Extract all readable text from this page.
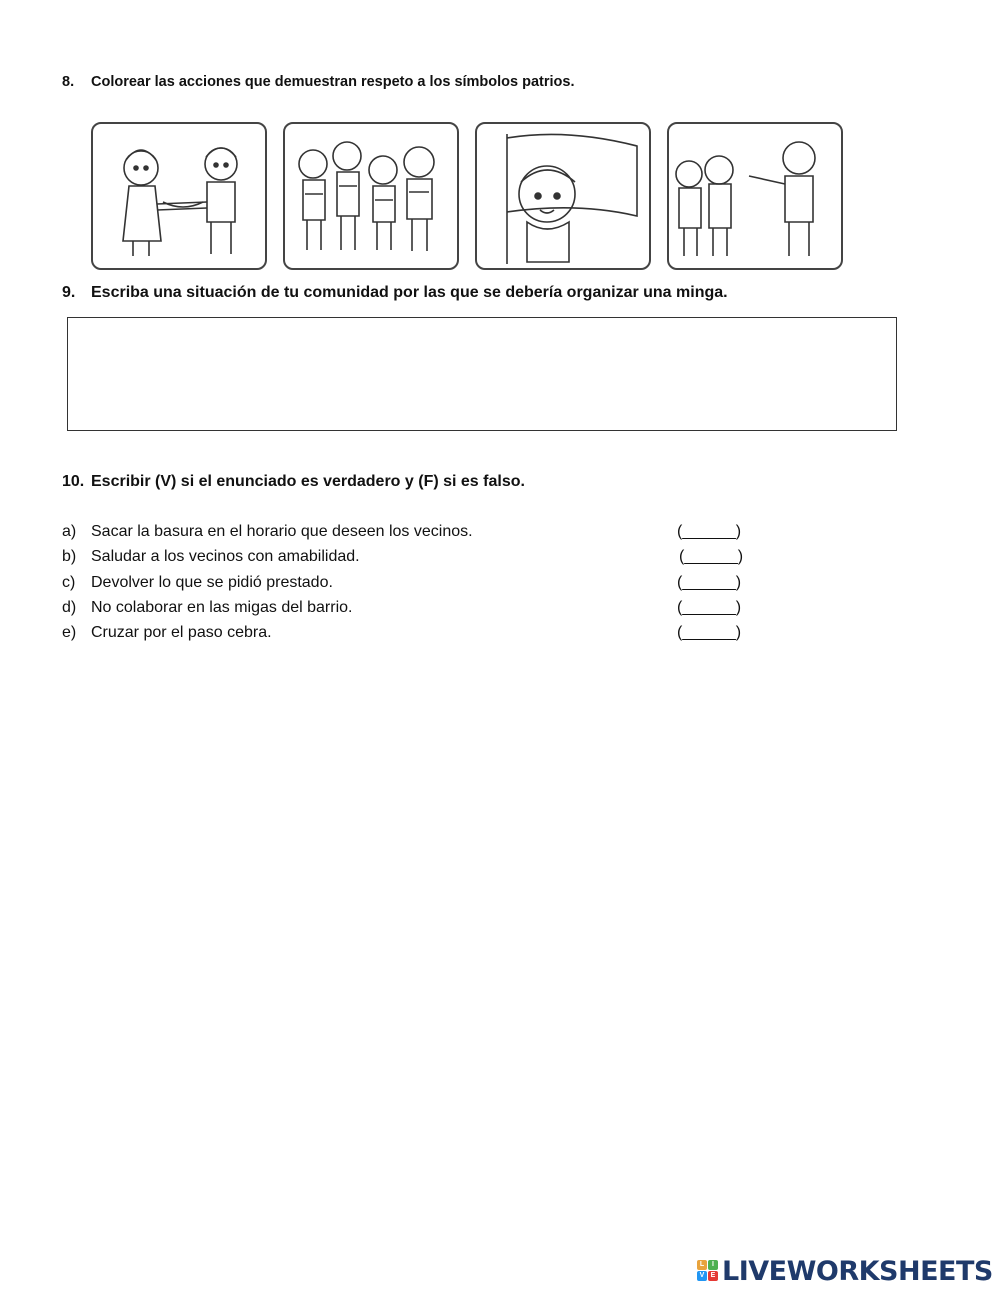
8. Colorear las acciones que demuestran respeto a los símbolos patrios.
9. Escriba una situación de tu comunidad por las que se debería organizar una minga.
10. Escribir (V) si el enunciado es verdadero y (F) si es falso.
a) Sacar la basura en el horario que deseen los vecinos.	(______)
b) Saludar a los vecinos con amabilidad.	(______)
c) Devolver lo que se pidió prestado.	(______)
d) No colaborar en las migas del barrio.	(______)
e) Cruzar por el paso cebra.	(______)
L	I
V E LIVEWORKSHEETS
